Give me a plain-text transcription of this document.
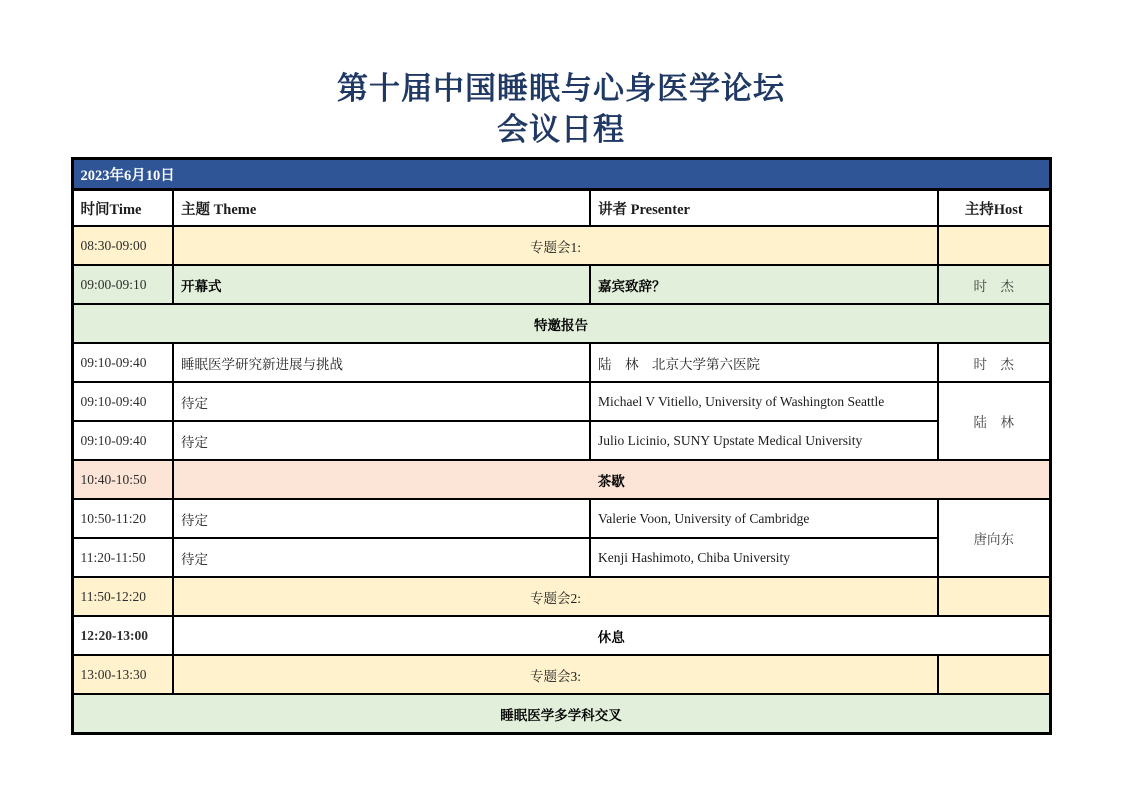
第十届中国睡眠与心身医学论坛
会议日程
2023年6月10日			
时间Time	主题 Theme	讲者 Presenter	主持Host
08:30-09:00	专题会1:		
09:00-09:10	开幕式	嘉宾致辞？	时　杰
特邀报告			
09:10-09:40	睡眠医学研究新进展与挑战	陆　林　北京大学第六医院	时　杰
09:10-09:40	待定	Michael V Vitiello, University of Washington Seattle	陆　林
09:10-09:40	待定	Julio Licinio, SUNY Upstate Medical University	
10:40-10:50	茶歇		
10:50-11:20	待定	Valerie Voon, University of Cambridge	唐向东
11:20-11:50	待定	Kenji Hashimoto, Chiba University	
11:50-12:20	专题会2:		
12:20-13:00	休息		
13:00-13:30	专题会3:		
睡眠医学多学科交叉			
